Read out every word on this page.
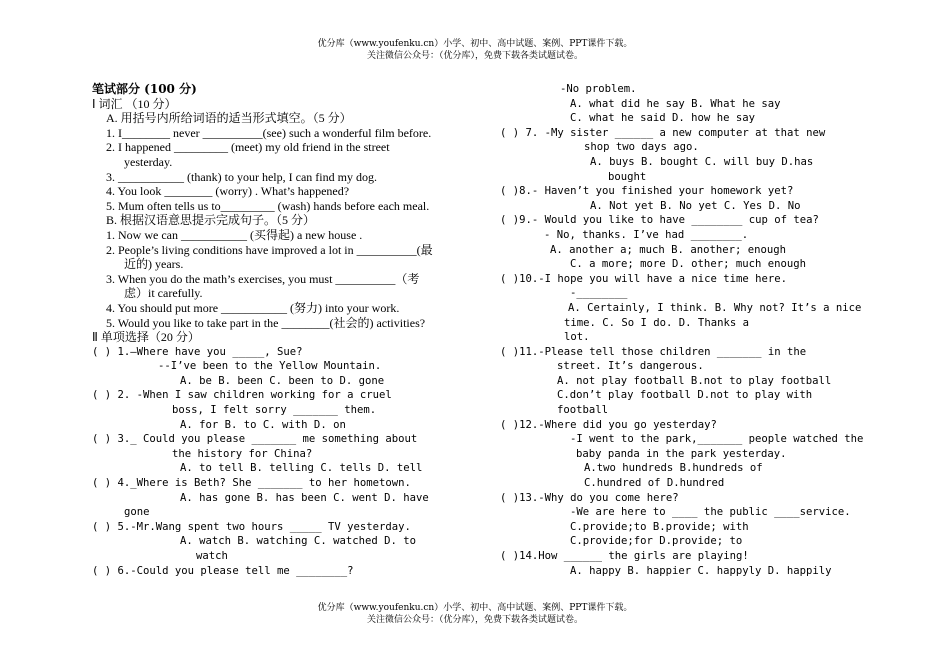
优分库（www.youfenku.cn）小学、初中、高中试题、案例、PPT课件下载。
关注微信公众号：（优分库），免费下载各类试题试卷。
笔试部分 (100 分)
Ⅰ 词汇 （10 分）
A. 用括号内所给词语的适当形式填空。（5 分）
1. I________ never __________(see) such a wonderful film before.
2. I happened _________ (meet) my old friend in the street
yesterday.
3. ___________ (thank) to your help, I can find my dog.
4. You look ________ (worry) . What’s happened?
5. Mum often tells us to_________ (wash) hands before each meal.
B. 根据汉语意思提示完成句子。（5 分）
1. Now we can ___________ (买得起) a new house .
2. People’s living conditions have improved a lot in __________(最
近的) years.
3. When you do the math’s exercises, you must __________（考
虑）it carefully.
4. You should put more ___________ (努力) into your work.
5. Would you like to take part in the ________(社会的) activities?
Ⅱ 单项选择（20 分）
( ) 1.—Where have you _____, Sue?
--I’ve been to the Yellow Mountain.
A. be B. been C. been to D. gone
( ) 2. -When I saw children working for a cruel
boss, I felt sorry _______ them.
A. for B. to C. with D. on
( ) 3._ Could you please _______ me something about
the history for China?
A. to tell B. telling C. tells D. tell
( ) 4._Where is Beth? She _______ to her hometown.
A. has gone B. has been C. went D. have
gone
( ) 5.-Mr.Wang spent two hours _____ TV yesterday.
A. watch B. watching C. watched D. to
watch
( ) 6.-Could you please tell me ________?
-No problem.
A. what did he say B. What he say
C. what he said D. how he say
( ) 7. -My sister ______ a new computer at that new
shop two days ago.
A. buys B. bought C. will buy D.has
bought
( )8.- Haven’t you finished your homework yet?
A. Not yet B. No yet C. Yes D. No
( )9.- Would you like to have ________ cup of tea?
- No, thanks. I’ve had ________.
A. another a; much B. another; enough
C. a more; more D. other; much enough
( )10.-I hope you will have a nice time here.
-________
A. Certainly, I think. B. Why not? It’s a nice
time. C. So I do. D. Thanks a
lot.
( )11.-Please tell those children _______ in the
street. It’s dangerous.
A. not play football B.not to play football
C.don’t play football D.not to play with
football
( )12.-Where did you go yesterday?
-I went to the park,_______ people watched the
baby panda in the park yesterday.
A.two hundreds B.hundreds of
C.hundred of D.hundred
( )13.-Why do you come here?
-We are here to ____ the public ____service.
C.provide;to B.provide; with
C.provide;for D.provide; to
( )14.How ______ the girls are playing!
A. happy B. happier C. happyly D. happily
优分库（www.youfenku.cn）小学、初中、高中试题、案例、PPT课件下载。
关注微信公众号：（优分库），免费下载各类试题试卷。
